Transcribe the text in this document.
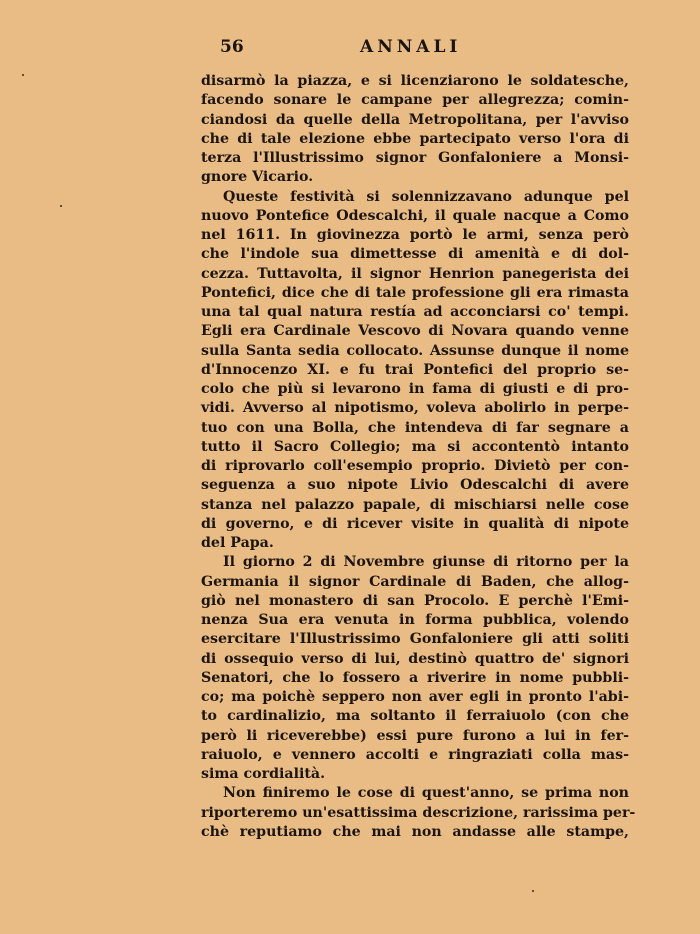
56	ANNALI
disarmò la piazza, e si licenziarono le soldatesche,
facendo sonare le campane per allegrezza; comin-
ciandosi da quelle della Metropolitana, per l'avviso
che di tale elezione ebbe partecipato verso l'ora di
terza l'Illustrissimo signor Gonfaloniere a Monsi-
gnore Vicario.
Queste festività si solennizzavano adunque pel
nuovo Pontefice Odescalchi, il quale nacque a Como
nel 1611. In giovinezza portò le armi, senza però
che l'indole sua dimettesse di amenità e di dol-
cezza. Tuttavolta, il signor Henrion panegerista dei
Pontefici, dice che di tale professione gli era rimasta
una tal qual natura restía ad acconciarsi co' tempi.
Egli era Cardinale Vescovo di Novara quando venne
sulla Santa sedia collocato. Assunse dunque il nome
d'Innocenzo XI. e fu trai Pontefici del proprio se-
colo che più si levarono in fama di giusti e di pro-
vidi. Avverso al nipotismo, voleva abolirlo in perpe-
tuo con una Bolla, che intendeva di far segnare a
tutto il Sacro Collegio; ma si accontentò intanto
di riprovarlo coll'esempio proprio. Divietò per con-
seguenza a suo nipote Livio Odescalchi di avere
stanza nel palazzo papale, di mischiarsi nelle cose
di governo, e di ricever visite in qualità di nipote
del Papa.
Il giorno 2 di Novembre giunse di ritorno per la
Germania il signor Cardinale di Baden, che allog-
giò nel monastero di san Procolo. E perchè l'Emi-
nenza Sua era venuta in forma pubblica, volendo
esercitare l'Illustrissimo Gonfaloniere gli atti soliti
di ossequio verso di lui, destinò quattro de' signori
Senatori, che lo fossero a riverire in nome pubbli-
co; ma poichè seppero non aver egli in pronto l'abi-
to cardinalizio, ma soltanto il ferraiuolo (con che
però li riceverebbe) essi pure furono a lui in fer-
raiuolo, e vennero accolti e ringraziati colla mas-
sima cordialità.
Non finiremo le cose di quest'anno, se prima non
riporteremo un'esattissima descrizione, rarissima per-
chè reputiamo che mai non andasse alle stampe,
